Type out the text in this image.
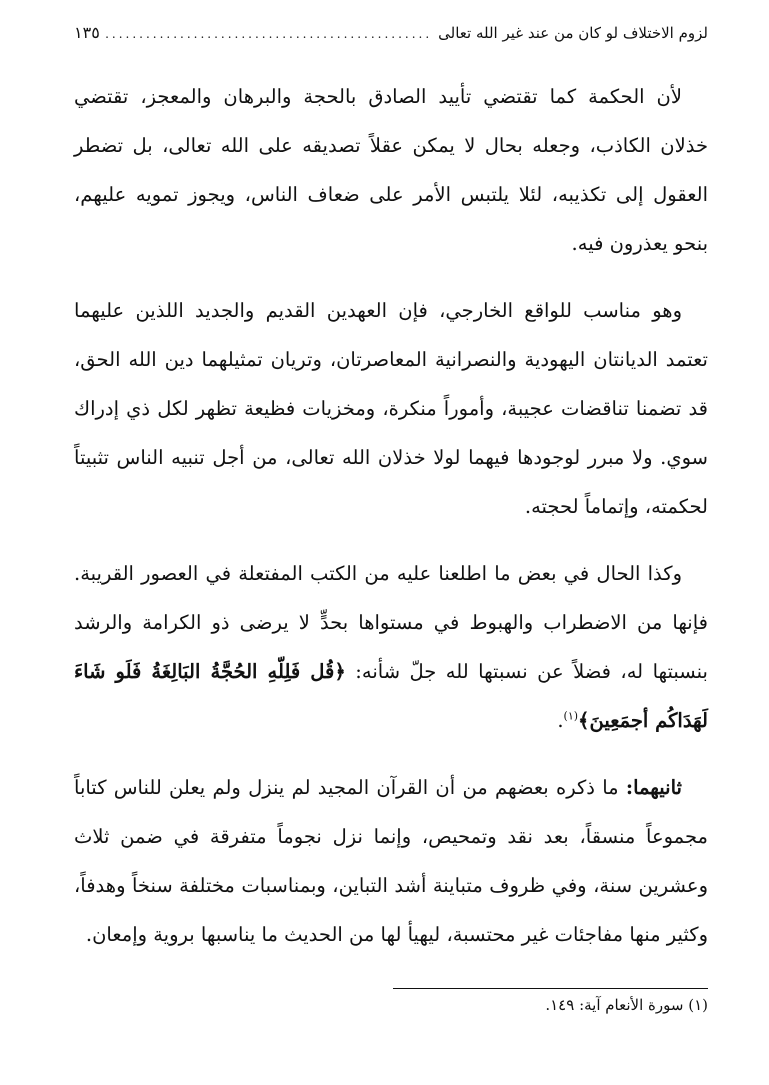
لزوم الاختلاف لو كان من عند غير الله تعالى
.....
١٣٥

لأن الحكمة كما تقتضي تأييد الصادق بالحجة والبرهان والمعجز، تقتضي خذلان الكاذب، وجعله بحال لا يمكن عقلاً تصديقه على الله تعالى، بل تضطر العقول إلى تكذيبه، لئلا يلتبس الأمر على ضعاف الناس، ويجوز تمويه عليهم، بنحو يعذرون فيه.

وهو مناسب للواقع الخارجي، فإن العهدين القديم والجديد اللذين عليهما تعتمد الديانتان اليهودية والنصرانية المعاصرتان، وتريان تمثيلهما دين الله الحق، قد تضمنا تناقضات عجيبة، وأموراً منكرة، ومخزيات فظيعة تظهر لكل ذي إدراك سوي. ولا مبرر لوجودها فيهما لولا خذلان الله تعالى، من أجل تنبيه الناس تثبيتاً لحكمته، وإتماماً لحجته.

وكذا الحال في بعض ما اطلعنا عليه من الكتب المفتعلة في العصور القريبة. فإنها من الاضطراب والهبوط في مستواها بحدٍّ لا يرضى ذو الكرامة والرشد بنسبتها له، فضلاً عن نسبتها لله جلّ شأنه: ﴿قُل فَلِلّهِ الحُجَّةُ البَالِغَةُ فَلَو شَاءَ لَهَدَاكُم أجمَعِينَ﴾$^{(١)}$.

ثانيهما: ما ذكره بعضهم من أن القرآن المجيد لم ينزل ولم يعلن للناس كتاباً مجموعاً منسقاً، بعد نقد وتمحيص، وإنما نزل نجوماً متفرقة في ضمن ثلاث وعشرين سنة، وفي ظروف متباينة أشد التباين، وبمناسبات مختلفة سنخاً وهدفاً، وكثير منها مفاجئات غير محتسبة، ليهيأ لها من الحديث ما يناسبها بروية وإمعان.

(١) سورة الأنعام آية: ١٤٩.
